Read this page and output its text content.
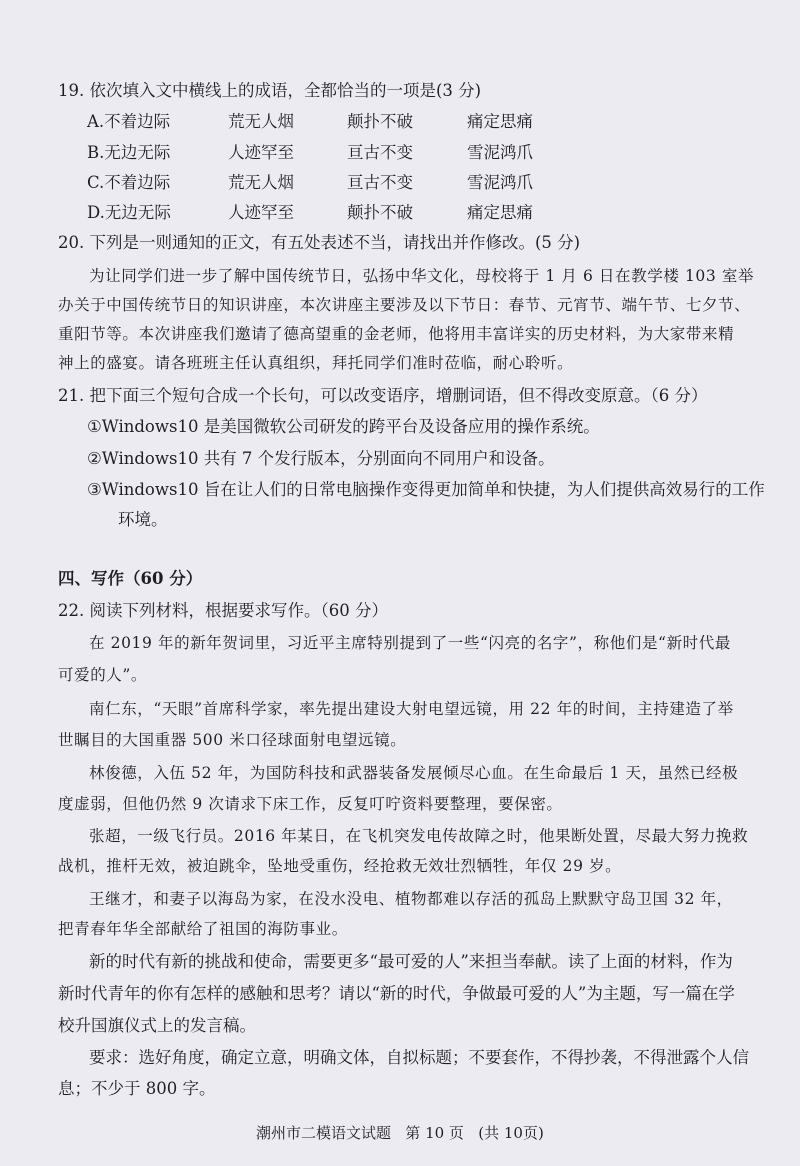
19. 依次填入文中横线上的成语，全都恰当的一项是(3 分)
A.不着边际	荒无人烟	颠扑不破	痛定思痛
B.无边无际	人迹罕至	亘古不变	雪泥鸿爪
C.不着边际	荒无人烟	亘古不变	雪泥鸿爪
D.无边无际	人迹罕至	颠扑不破	痛定思痛
20. 下列是一则通知的正文，有五处表述不当，请找出并作修改。(5 分)
为让同学们进一步了解中国传统节日，弘扬中华文化，母校将于 1 月 6 日在教学楼 103 室举
办关于中国传统节日的知识讲座，本次讲座主要涉及以下节日：春节、元宵节、端午节、七夕节、
重阳节等。本次讲座我们邀请了德高望重的金老师，他将用丰富详实的历史材料，为大家带来精
神上的盛宴。请各班班主任认真组织，拜托同学们准时莅临，耐心聆听。
21. 把下面三个短句合成一个长句，可以改变语序，增删词语，但不得改变原意。（6 分）
①Windows10 是美国微软公司研发的跨平台及设备应用的操作系统。
②Windows10 共有 7 个发行版本，分别面向不同用户和设备。
③Windows10 旨在让人们的日常电脑操作变得更加简单和快捷，为人们提供高效易行的工作
环境。
四、写作（60 分）
22. 阅读下列材料，根据要求写作。（60 分）
在 2019 年的新年贺词里，习近平主席特别提到了一些“闪亮的名字”，称他们是“新时代最
可爱的人”。
南仁东，“天眼”首席科学家，率先提出建设大射电望远镜，用 22 年的时间，主持建造了举
世瞩目的大国重器 500 米口径球面射电望远镜。
林俊德，入伍 52 年，为国防科技和武器装备发展倾尽心血。在生命最后 1 天，虽然已经极
度虚弱，但他仍然 9 次请求下床工作，反复叮咛资料要整理，要保密。
张超，一级飞行员。2016 年某日，在飞机突发电传故障之时，他果断处置，尽最大努力挽救
战机，推杆无效，被迫跳伞，坠地受重伤，经抢救无效壮烈牺牲，年仅 29 岁。
王继才，和妻子以海岛为家，在没水没电、植物都难以存活的孤岛上默默守岛卫国 32 年，
把青春年华全部献给了祖国的海防事业。
新的时代有新的挑战和使命，需要更多“最可爱的人”来担当奉献。读了上面的材料，作为
新时代青年的你有怎样的感触和思考？请以“新的时代，争做最可爱的人”为主题，写一篇在学
校升国旗仪式上的发言稿。
要求：选好角度，确定立意，明确文体，自拟标题；不要套作，不得抄袭，不得泄露个人信
息；不少于 800 字。
潮州市二模语文试题   第 10 页   (共 10页)
